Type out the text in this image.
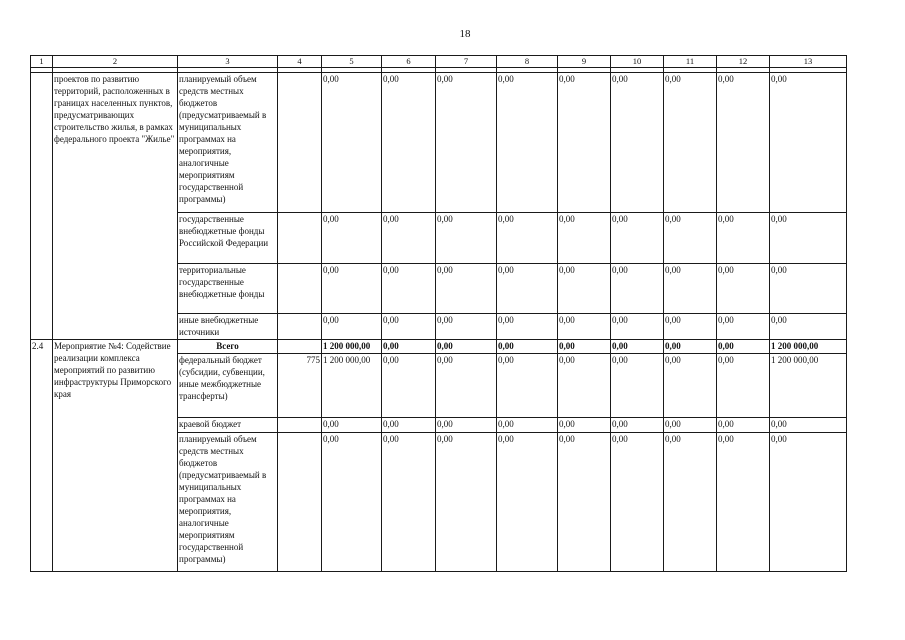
18
1	2	3	4	5	6	7	8	9	10	11	12	13

	проектов по развитию территорий, расположенных в границах населенных пунктов, предусматривающих строительство жилья, в рамках федерального проекта "Жилье"	планируемый объем средств местных бюджетов (предусматриваемый в муниципальных программах на мероприятия, аналогичные мероприятиям государственной программы)		0,00	0,00	0,00	0,00	0,00	0,00	0,00	0,00	0,00
		государственные внебюджетные фонды Российской Федерации		0,00	0,00	0,00	0,00	0,00	0,00	0,00	0,00	0,00
		территориальные государственные внебюджетные фонды		0,00	0,00	0,00	0,00	0,00	0,00	0,00	0,00	0,00
		иные внебюджетные источники		0,00	0,00	0,00	0,00	0,00	0,00	0,00	0,00	0,00
2.4	Мероприятие №4: Содействие реализации комплекса мероприятий по развитию инфраструктуры Приморского края	Всего		1 200 000,00	0,00	0,00	0,00	0,00	0,00	0,00	0,00	1 200 000,00
		федеральный бюджет (субсидии, субвенции, иные межбюджетные трансферты)	775	1 200 000,00	0,00	0,00	0,00	0,00	0,00	0,00	0,00	1 200 000,00
		краевой бюджет		0,00	0,00	0,00	0,00	0,00	0,00	0,00	0,00	0,00
		планируемый объем средств местных бюджетов (предусматриваемый в муниципальных программах на мероприятия, аналогичные мероприятиям государственной программы)		0,00	0,00	0,00	0,00	0,00	0,00	0,00	0,00	0,00
